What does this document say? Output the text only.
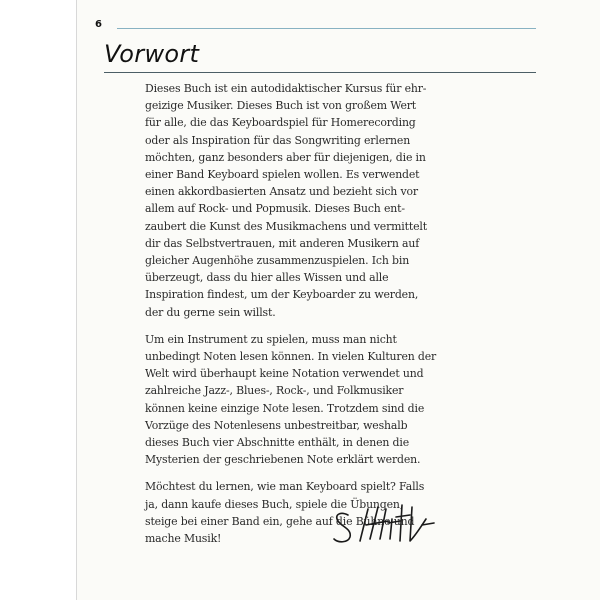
6
Vorwort

Dieses Buch ist ein autodidaktischer Kursus für ehr-
geizige Musiker. Dieses Buch ist von großem Wert
für alle, die das Keyboardspiel für Homerecording
oder als Inspiration für das Songwriting erlernen
möchten, ganz besonders aber für diejenigen, die in
einer Band Keyboard spielen wollen. Es verwendet
einen akkordbasierten Ansatz und bezieht sich vor
allem auf Rock- und Popmusik. Dieses Buch ent-
zaubert die Kunst des Musikmachens und vermittelt
dir das Selbstvertrauen, mit anderen Musikern auf
gleicher Augenhöhe zusammenzuspielen. Ich bin
überzeugt, dass du hier alles Wissen und alle
Inspiration findest, um der Keyboarder zu werden,
der du gerne sein willst.

Um ein Instrument zu spielen, muss man nicht
unbedingt Noten lesen können. In vielen Kulturen der
Welt wird überhaupt keine Notation verwendet und
zahlreiche Jazz-, Blues-, Rock-, und Folkmusiker
können keine einzige Note lesen. Trotzdem sind die
Vorzüge des Notenlesens unbestreitbar, weshalb
dieses Buch vier Abschnitte enthält, in denen die
Mysterien der geschriebenen Note erklärt werden.

Möchtest du lernen, wie man Keyboard spielt? Falls
ja, dann kaufe dieses Buch, spiele die Übungen,
steige bei einer Band ein, gehe auf die Bühne und
mache Musik!
